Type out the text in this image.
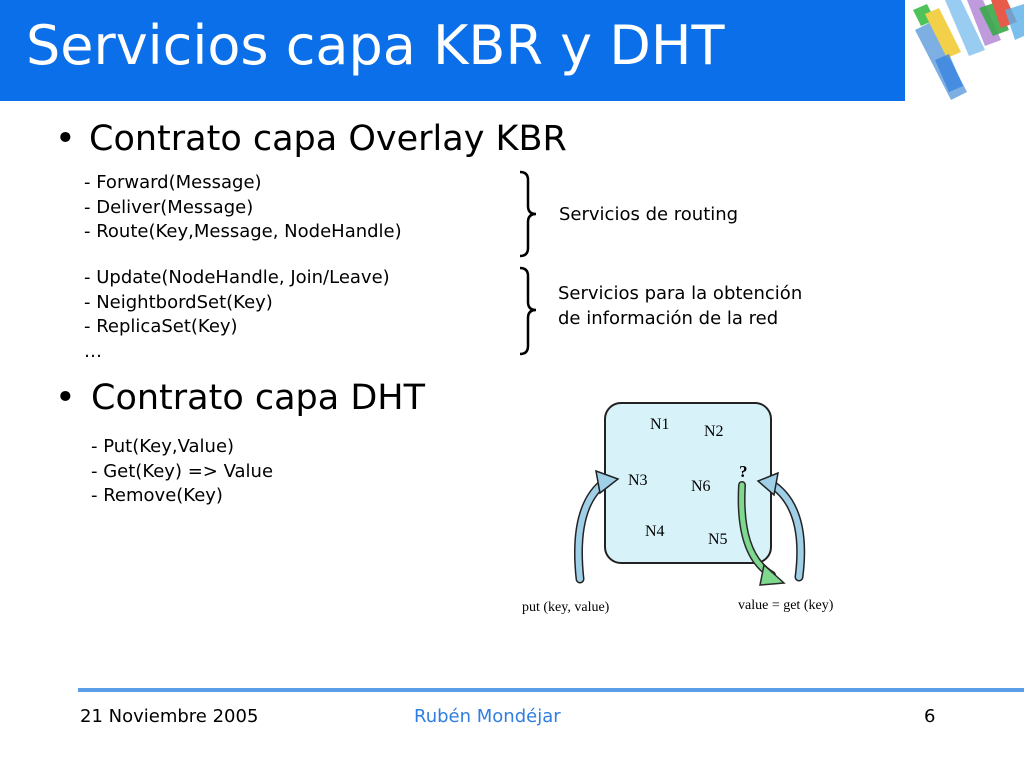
Servicios capa KBR y DHT
• Contrato capa Overlay KBR
- Forward(Message)
- Deliver(Message)
- Route(Key,Message, NodeHandle)
- Update(NodeHandle, Join/Leave)
- NeightbordSet(Key)
- ReplicaSet(Key)
…
Servicios de routing
Servicios para la obtención
de información de la red
• Contrato capa DHT
- Put(Key,Value)
- Get(Key) => Value
- Remove(Key)
N1 N2
N3	N6
N4	N5
?
put (key, value)	value = get (key)
21 Noviembre 2005	Rubén Mondéjar	6
